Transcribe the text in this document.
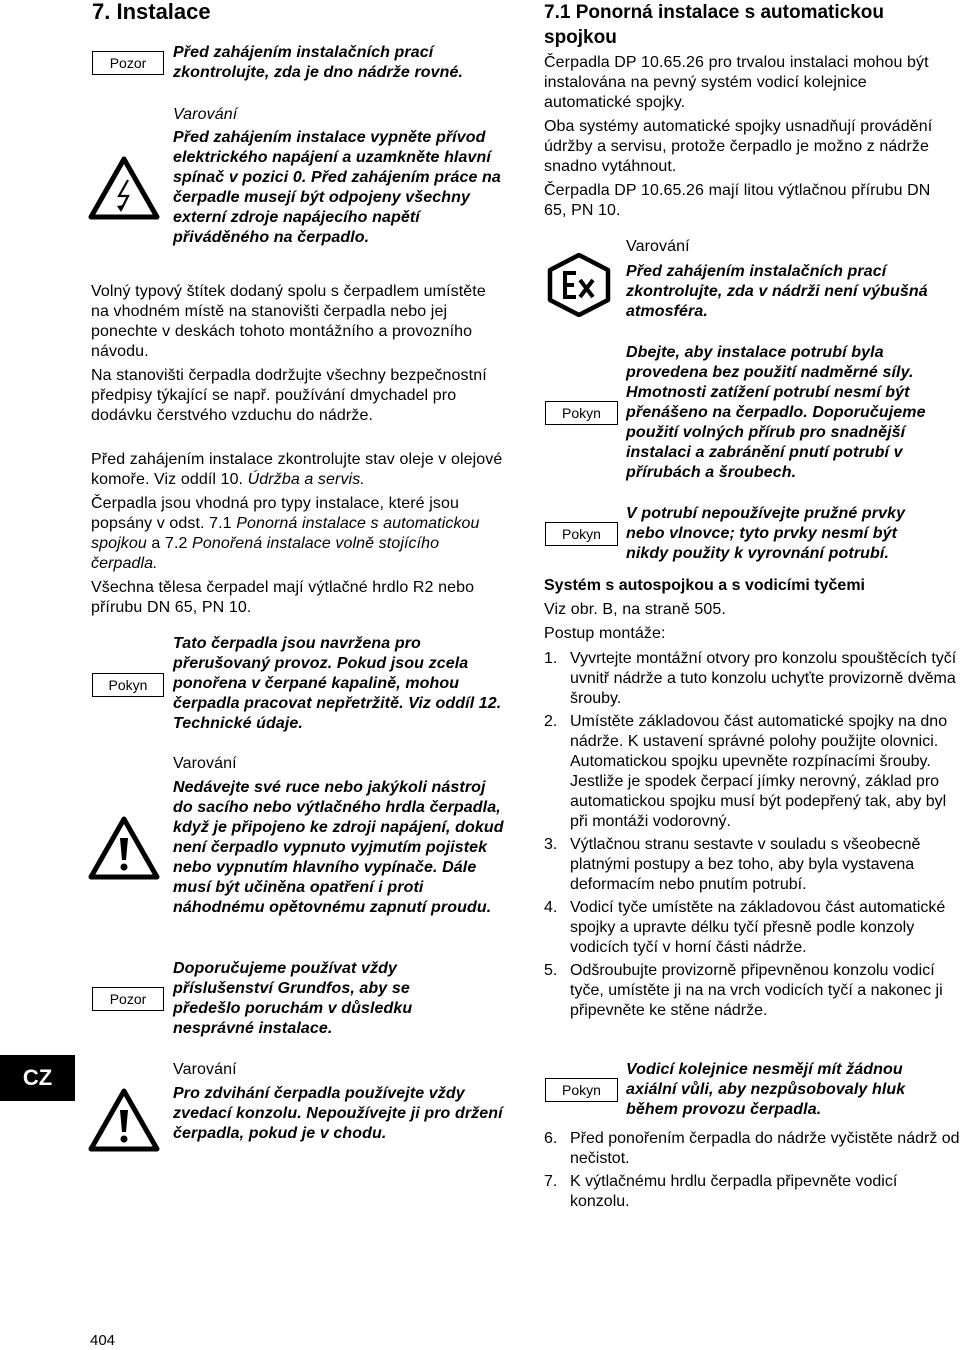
7. Instalace
Pozor
Před zahájením instalačních prací zkontrolujte, zda je dno nádrže rovné.
Varování
Před zahájením instalace vypněte přívod elektrického napájení a uzamkněte hlavní spínač v pozici 0. Před zahájením práce na čerpadle musejí být odpojeny všechny externí zdroje napájecího napětí přiváděného na čerpadlo.
Volný typový štítek dodaný spolu s čerpadlem umístěte na vhodném místě na stanovišti čerpadla nebo jej ponechte v deskách tohoto montážního a provozního návodu.
Na stanovišti čerpadla dodržujte všechny bezpečnostní předpisy týkající se např. používání dmychadel pro dodávku čerstvého vzduchu do nádrže.
Před zahájením instalace zkontrolujte stav oleje v olejové komoře. Viz oddíl 10. Údržba a servis.
Čerpadla jsou vhodná pro typy instalace, které jsou popsány v odst. 7.1 Ponorná instalace s automatickou spojkou a 7.2 Ponořená instalace volně stojícího čerpadla.
Všechna tělesa čerpadel mají výtlačné hrdlo R2 nebo přírubu DN 65, PN 10.
Pokyn
Tato čerpadla jsou navržena pro přerušovaný provoz. Pokud jsou zcela ponořena v čerpané kapalině, mohou čerpadla pracovat nepřetržitě. Viz oddíl 12. Technické údaje.
Varování
Nedávejte své ruce nebo jakýkoli nástroj do sacího nebo výtlačného hrdla čerpadla, když je připojeno ke zdroji napájení, dokud není čerpadlo vypnuto vyjmutím pojistek nebo vypnutím hlavního vypínače. Dále musí být učiněna opatření i proti náhodnému opětovnému zapnutí proudu.
Pozor
Doporučujeme používat vždy příslušenství Grundfos, aby se předešlo poruchám v důsledku nesprávné instalace.
Varování
Pro zdvihání čerpadla používejte vždy zvedací konzolu. Nepoužívejte ji pro držení čerpadla, pokud je v chodu.
7.1 Ponorná instalace s automatickou spojkou
Čerpadla DP 10.65.26 pro trvalou instalaci mohou být instalována na pevný systém vodicí kolejnice automatické spojky.
Oba systémy automatické spojky usnadňují provádění údržby a servisu, protože čerpadlo je možno z nádrže snadno vytáhnout.
Čerpadla DP 10.65.26 mají litou výtlačnou přírubu DN 65, PN 10.
Varování
Před zahájením instalačních prací zkontrolujte, zda v nádrži není výbušná atmosféra.
Pokyn
Dbejte, aby instalace potrubí byla provedena bez použití nadměrné síly. Hmotnosti zatížení potrubí nesmí být přenášeno na čerpadlo. Doporučujeme použití volných přírub pro snadnější instalaci a zabránění pnutí potrubí v přírubách a šroubech.
Pokyn
V potrubí nepoužívejte pružné prvky nebo vlnovce; tyto prvky nesmí být nikdy použity k vyrovnání potrubí.
Systém s autospojkou a s vodicími tyčemi
Viz obr. B, na straně 505.
Postup montáže:
1. Vyvrtejte montážní otvory pro konzolu spouštěcích tyčí uvnitř nádrže a tuto konzolu uchyťte provizorně dvěma šrouby.
2. Umístěte základovou část automatické spojky na dno nádrže. K ustavení správné polohy použijte olovnici. Automatickou spojku upevněte rozpínacími šrouby. Jestliže je spodek čerpací jímky nerovný, základ pro automatickou spojku musí být podepřený tak, aby byl při montáži vodorovný.
3. Výtlačnou stranu sestavte v souladu s všeobecně platnými postupy a bez toho, aby byla vystavena deformacím nebo pnutím potrubí.
4. Vodicí tyče umístěte na základovou část automatické spojky a upravte délku tyčí přesně podle konzoly vodicích tyčí v horní části nádrže.
5. Odšroubujte provizorně připevněnou konzolu vodicí tyče, umístěte ji na na vrch vodicích tyčí a nakonec ji připevněte ke stěne nádrže.
Pokyn
Vodicí kolejnice nesmějí mít žádnou axiální vůli, aby nezpůsobovaly hluk během provozu čerpadla.
6. Před ponořením čerpadla do nádrže vyčistěte nádrž od nečistot.
7. K výtlačnému hrdlu čerpadla připevněte vodicí konzolu.
CZ
404
